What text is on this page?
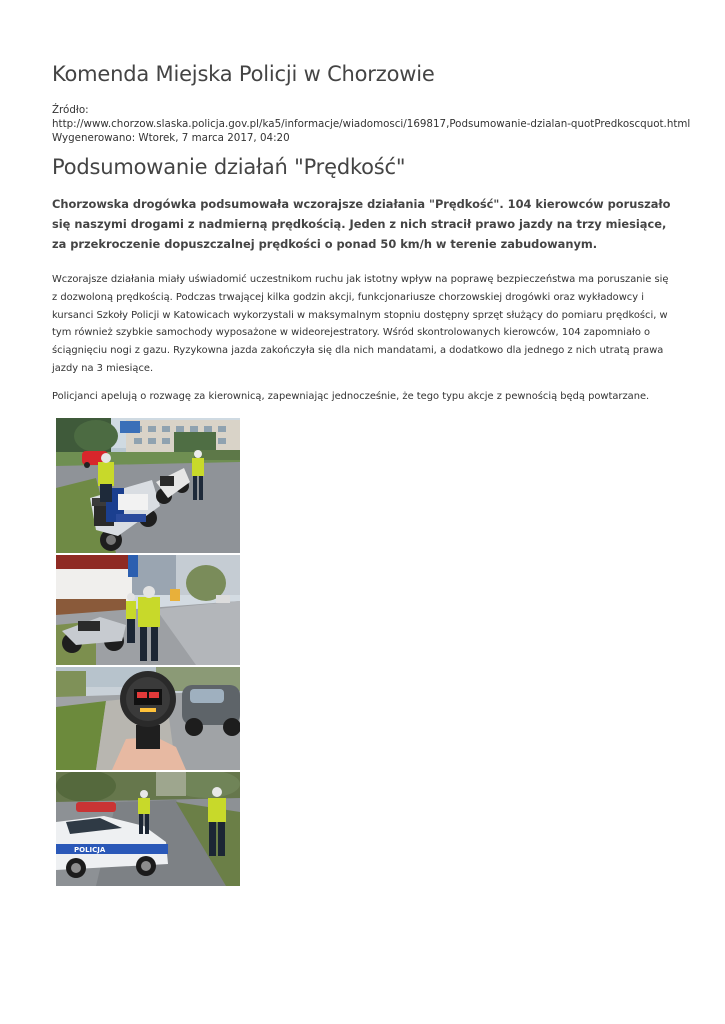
Komenda Miejska Policji w Chorzowie
Źródło:
http://www.chorzow.slaska.policja.gov.pl/ka5/informacje/wiadomosci/169817,Podsumowanie-dzialan-quotPredkoscquot.html
Wygenerowano: Wtorek, 7 marca 2017, 04:20
Podsumowanie działań "Prędkość"

Chorzowska drogówka podsumowała wczorajsze działania "Prędkość". 104 kierowców poruszało się naszymi drogami z nadmierną prędkością. Jeden z nich stracił prawo jazdy na trzy miesiące, za przekroczenie dopuszczalnej prędkości o ponad 50 km/h w terenie zabudowanym.

Wczorajsze działania miały uświadomić uczestnikom ruchu jak istotny wpływ na poprawę bezpieczeństwa ma poruszanie się z dozwoloną prędkością. Podczas trwającej kilka godzin akcji, funkcjonariusze chorzowskiej drogówki oraz wykładowcy i kursanci Szkoły Policji w Katowicach wykorzystali w maksymalnym stopniu dostępny sprzęt służący do pomiaru prędkości, w tym również szybkie samochody wyposażone w wideorejestratory. Wśród skontrolowanych kierowców, 104 zapomniało o ściągnięciu nogi z gazu. Ryzykowna jazda zakończyła się dla nich mandatami, a dodatkowo dla jednego z nich utratą prawa jazdy na 3 miesiące.

Policjanci apelują o rozwagę za kierownicą, zapewniając jednocześnie, że tego typu akcje z pewnością będą powtarzane.

POLICJA
